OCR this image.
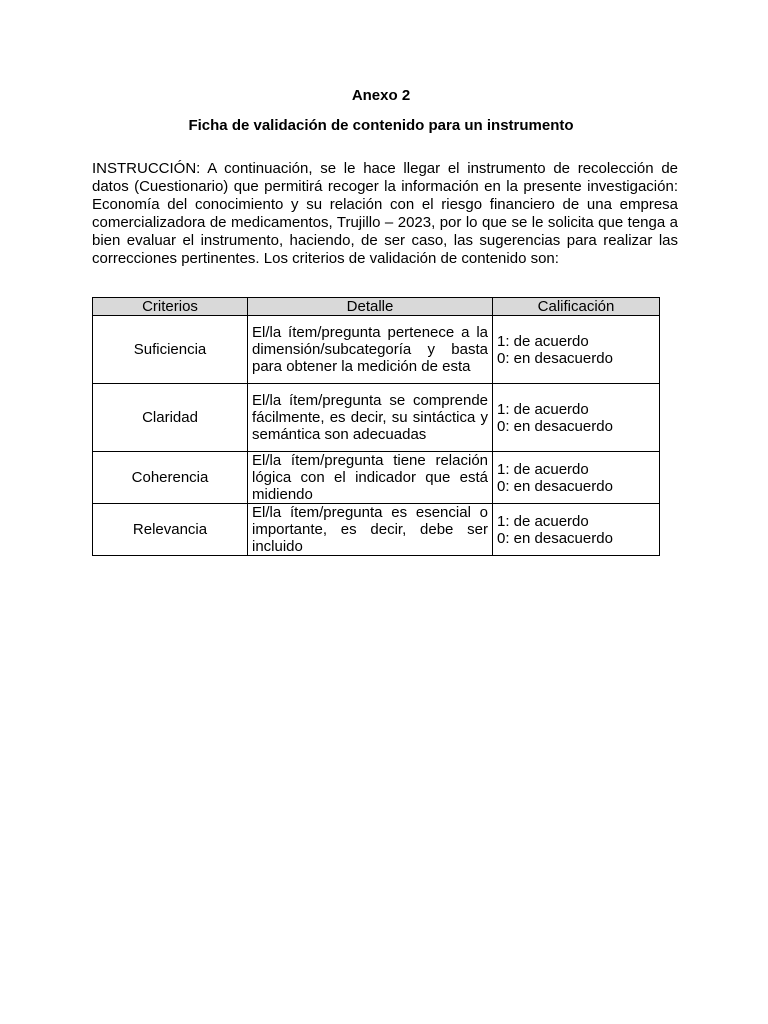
Anexo 2
Ficha de validación de contenido para un instrumento

INSTRUCCIÓN: A continuación, se le hace llegar el instrumento de recolección de datos (Cuestionario) que permitirá recoger la información en la presente investigación: Economía del conocimiento y su relación con el riesgo financiero de una empresa comercializadora de medicamentos, Trujillo – 2023, por lo que se le solicita que tenga a bien evaluar el instrumento, haciendo, de ser caso, las sugerencias para realizar las correcciones pertinentes. Los criterios de validación de contenido son:

Criterios	Detalle	Calificación
Suficiencia	El/la ítem/pregunta pertenece a la dimensión/subcategoría y basta para obtener la medición de esta	1: de acuerdo
0: en desacuerdo

Claridad	El/la ítem/pregunta se comprende fácilmente, es decir, su sintáctica y semántica son adecuadas	1: de acuerdo
0: en desacuerdo

Coherencia	El/la ítem/pregunta tiene relación lógica con el indicador que está midiendo	1: de acuerdo
0: en desacuerdo

Relevancia	El/la ítem/pregunta es esencial o importante, es decir, debe ser incluido	1: de acuerdo
0: en desacuerdo
